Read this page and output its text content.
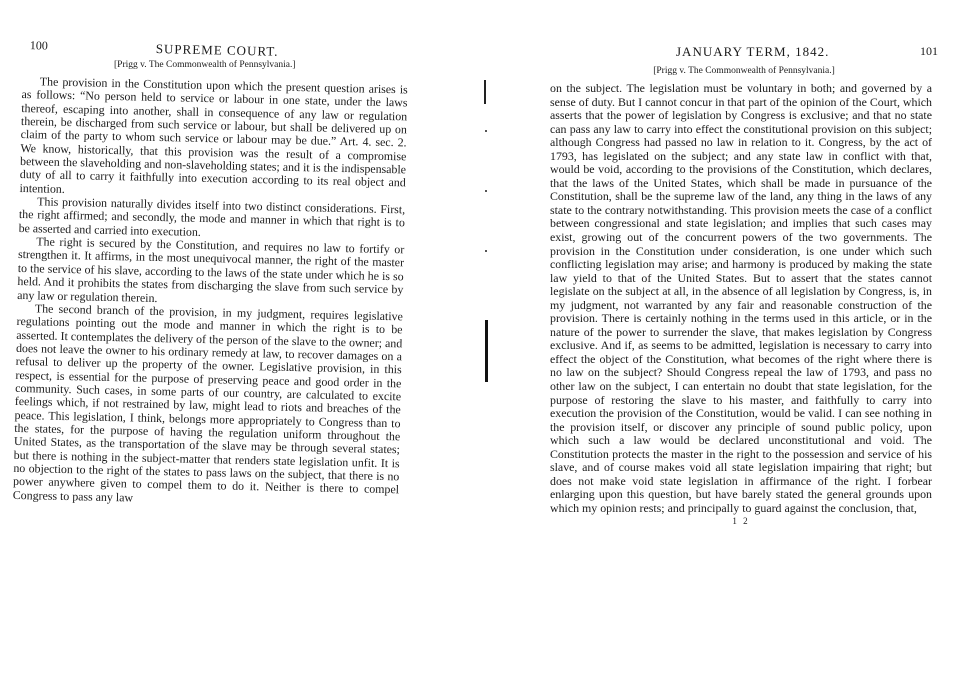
100	SUPREME COURT.
[Prigg v. The Commonwealth of Pennsylvania.]

The provision in the Constitution upon which the present question arises is as follows: “No person held to service or labour in one state, under the laws thereof, escaping into another, shall in consequence of any law or regulation therein, be discharged from such service or labour, but shall be delivered up on claim of the party to whom such service or labour may be due.” Art. 4. sec. 2. We know, historically, that this provision was the result of a compromise between the slaveholding and non-slaveholding states; and it is the indispensable duty of all to carry it faithfully into execution according to its real object and intention.

This provision naturally divides itself into two distinct considerations. First, the right affirmed; and secondly, the mode and manner in which that right is to be asserted and carried into execution.

The right is secured by the Constitution, and requires no law to fortify or strengthen it. It affirms, in the most unequivocal manner, the right of the master to the service of his slave, according to the laws of the state under which he is so held. And it prohibits the states from discharging the slave from such service by any law or regulation therein.

The second branch of the provision, in my judgment, requires legislative regulations pointing out the mode and manner in which the right is to be asserted. It contemplates the delivery of the person of the slave to the owner; and does not leave the owner to his ordinary remedy at law, to recover damages on a refusal to deliver up the property of the owner. Legislative provision, in this respect, is essential for the purpose of preserving peace and good order in the community. Such cases, in some parts of our country, are calculated to excite feelings which, if not restrained by law, might lead to riots and breaches of the peace. This legislation, I think, belongs more appropriately to Congress than to the states, for the purpose of having the regulation uniform throughout the United States, as the transportation of the slave may be through several states; but there is nothing in the subject-matter that renders state legislation unfit. It is no objection to the right of the states to pass laws on the subject, that there is no power anywhere given to compel them to do it. Neither is there to compel Congress to pass any law

JANUARY TERM, 1842.	101
[Prigg v. The Commonwealth of Pennsylvania.]

on the subject. The legislation must be voluntary in both; and governed by a sense of duty. But I cannot concur in that part of the opinion of the Court, which asserts that the power of legislation by Congress is exclusive; and that no state can pass any law to carry into effect the constitutional provision on this subject; although Congress had passed no law in relation to it. Congress, by the act of 1793, has legislated on the subject; and any state law in conflict with that, would be void, according to the provisions of the Constitution, which declares, that the laws of the United States, which shall be made in pursuance of the Constitution, shall be the supreme law of the land, any thing in the laws of any state to the contrary notwithstanding. This provision meets the case of a conflict between congressional and state legislation; and implies that such cases may exist, growing out of the concurrent powers of the two governments. The provision in the Constitution under consideration, is one under which such conflicting legislation may arise; and harmony is produced by making the state law yield to that of the United States. But to assert that the states cannot legislate on the subject at all, in the absence of all legislation by Congress, is, in my judgment, not warranted by any fair and reasonable construction of the provision. There is certainly nothing in the terms used in this article, or in the nature of the power to surrender the slave, that makes legislation by Congress exclusive. And if, as seems to be admitted, legislation is necessary to carry into effect the object of the Constitution, what becomes of the right where there is no law on the subject? Should Congress repeal the law of 1793, and pass no other law on the subject, I can entertain no doubt that state legislation, for the purpose of restoring the slave to his master, and faithfully to carry into execution the provision of the Constitution, would be valid. I can see nothing in the provision itself, or discover any principle of sound public policy, upon which such a law would be declared unconstitutional and void. The Constitution protects the master in the right to the possession and service of his slave, and of course makes void all state legislation impairing that right; but does not make void state legislation in affirmance of the right. I forbear enlarging upon this question, but have barely stated the general grounds upon which my opinion rests; and principally to guard against the conclusion, that,

1 2
